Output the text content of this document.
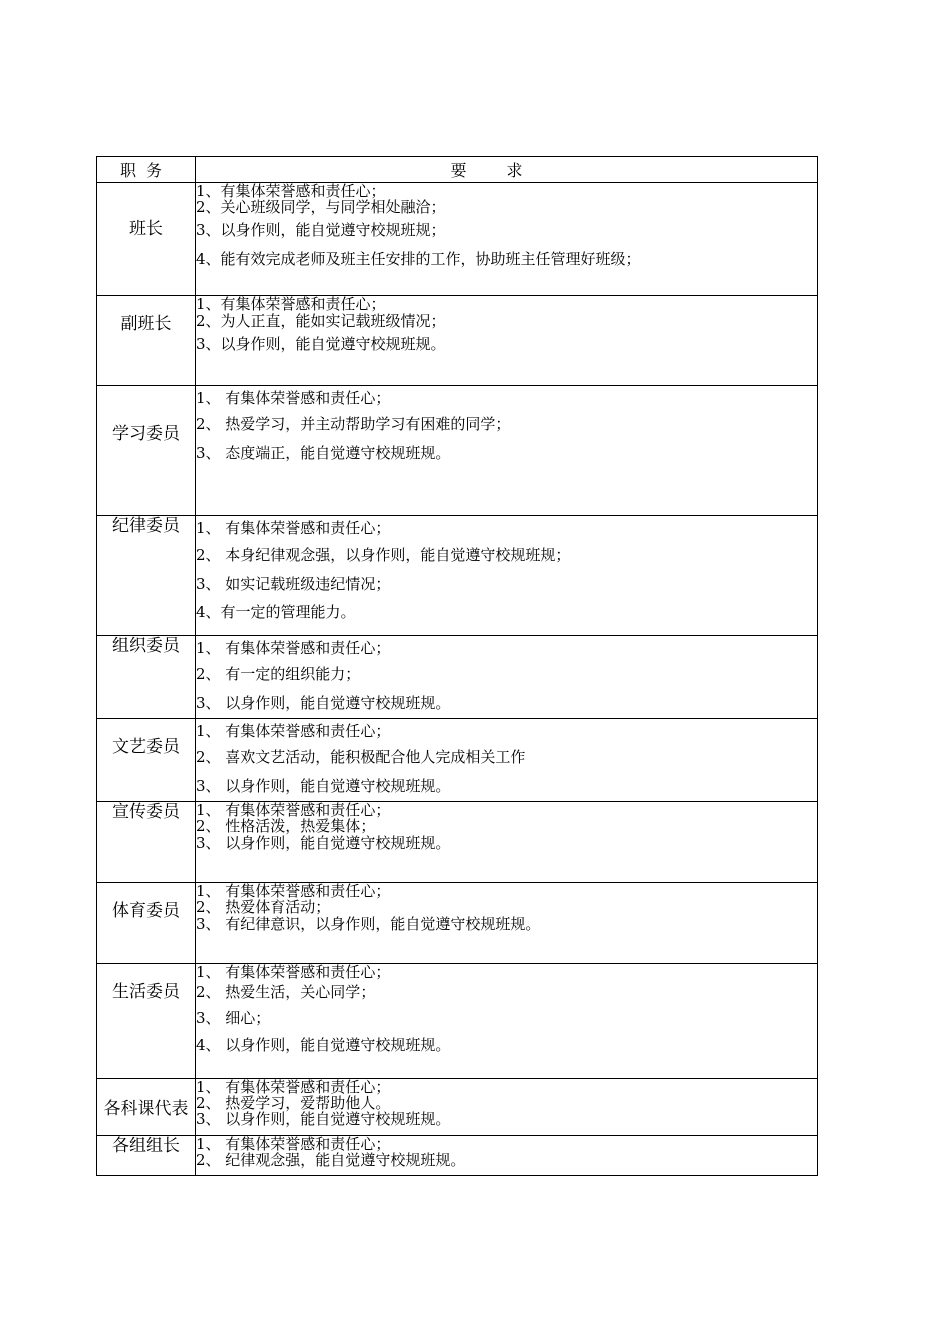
职务	要求
班长	1、有集体荣誉感和责任心；
2、关心班级同学，与同学相处融洽；
3、以身作则，能自觉遵守校规班规；
4、能有效完成老师及班主任安排的工作，协助班主任管理好班级；

副班长	1、有集体荣誉感和责任心；
2、为人正直，能如实记载班级情况；
3、以身作则，能自觉遵守校规班规。

学习委员	1、 有集体荣誉感和责任心；
2、 热爱学习，并主动帮助学习有困难的同学；
3、 态度端正，能自觉遵守校规班规。

纪律委员	1、 有集体荣誉感和责任心；
2、 本身纪律观念强，以身作则，能自觉遵守校规班规；
3、 如实记载班级违纪情况；
4、有一定的管理能力。

组织委员	1、 有集体荣誉感和责任心；
2、 有一定的组织能力；
3、 以身作则，能自觉遵守校规班规。

文艺委员	1、 有集体荣誉感和责任心；
2、 喜欢文艺活动，能积极配合他人完成相关工作
3、 以身作则，能自觉遵守校规班规。

宣传委员	1、 有集体荣誉感和责任心；
2、 性格活泼，热爱集体；
3、 以身作则，能自觉遵守校规班规。

体育委员	1、 有集体荣誉感和责任心；
2、 热爱体育活动；
3、 有纪律意识，以身作则，能自觉遵守校规班规。

生活委员	1、 有集体荣誉感和责任心；
2、 热爱生活，关心同学；
3、 细心；
4、 以身作则，能自觉遵守校规班规。

各科课代表	1、 有集体荣誉感和责任心；
2、 热爱学习，爱帮助他人。
3、 以身作则，能自觉遵守校规班规。

各组组长	1、 有集体荣誉感和责任心；
2、 纪律观念强，能自觉遵守校规班规。
